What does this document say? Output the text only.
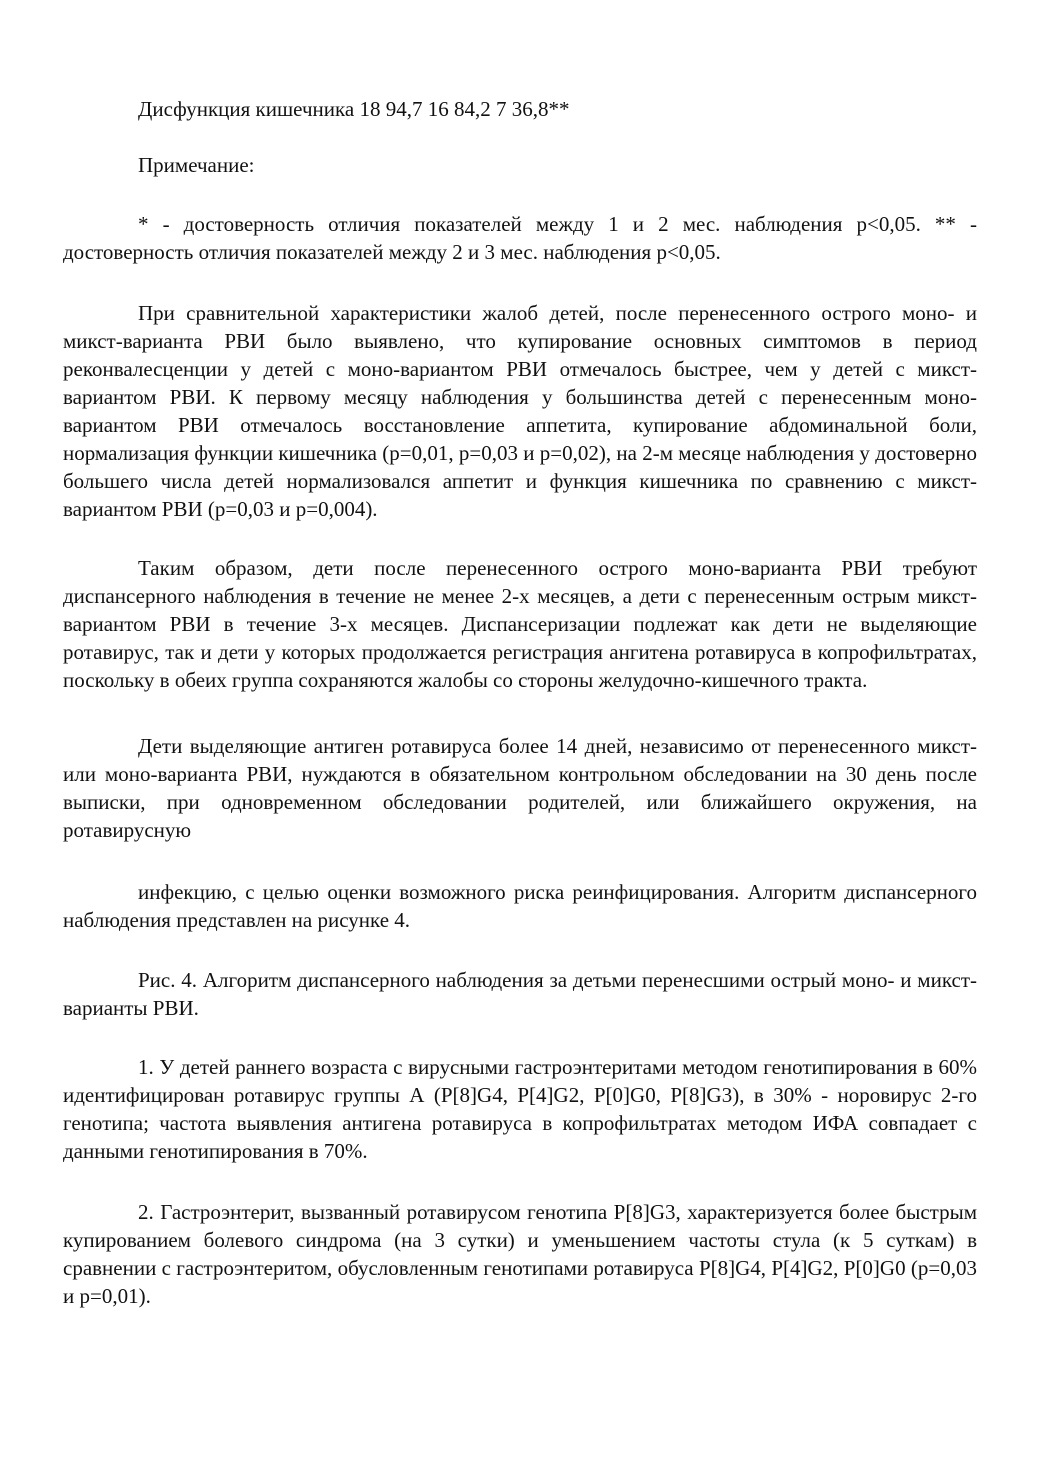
Дисфункция кишечника 18 94,7 16 84,2 7 36,8**

Примечание:

* - достоверность отличия показателей между 1 и 2 мес. наблюдения p<0,05. ** - достоверность отличия показателей между 2 и 3 мес. наблюдения p<0,05.

При сравнительной характеристики жалоб детей, после перенесенного острого моно- и микст-варианта РВИ было выявлено, что купирование основных симптомов в период реконвалесценции у детей с моно-вариантом РВИ отмечалось быстрее, чем у детей с микст-вариантом РВИ. К первому месяцу наблюдения у большинства детей с перенесенным моно-вариантом РВИ отмечалось восстановление аппетита, купирование абдоминальной боли, нормализация функции кишечника (p=0,01, p=0,03 и p=0,02), на 2-м месяце наблюдения у достоверно большего числа детей нормализовался аппетит и функция кишечника по сравнению с микст-вариантом РВИ (p=0,03 и p=0,004).

Таким образом, дети после перенесенного острого моно-варианта РВИ требуют диспансерного наблюдения в течение не менее 2-х месяцев, а дети с перенесенным острым микст-вариантом РВИ в течение 3-х месяцев. Диспансеризации подлежат как дети не выделяющие ротавирус, так и дети у которых продолжается регистрация ангитена ротавируса в копрофильтратах, поскольку в обеих группа сохраняются жалобы со стороны желудочно-кишечного тракта.

Дети выделяющие антиген ротавируса более 14 дней, независимо от перенесенного микст- или моно-варианта РВИ, нуждаются в обязательном контрольном обследовании на 30 день после выписки, при одновременном обследовании родителей, или ближайшего окружения, на ротавирусную

инфекцию, с целью оценки возможного риска реинфицирования. Алгоритм диспансерного наблюдения представлен на рисунке 4.

Рис. 4. Алгоритм диспансерного наблюдения за детьми перенесшими острый моно- и микст-варианты РВИ.

1. У детей раннего возраста с вирусными гастроэнтеритами методом генотипирования в 60% идентифицирован ротавирус группы А (P[8]G4, P[4]G2, P[0]G0, P[8]G3), в 30% - норовирус 2-го генотипа; частота выявления антигена ротавируса в копрофильтратах методом ИФА совпадает с данными генотипирования в 70%.

2. Гастроэнтерит, вызванный ротавирусом генотипа P[8]G3, характеризуется более быстрым купированием болевого синдрома (на 3 сутки) и уменьшением частоты стула (к 5 суткам) в сравнении с гастроэнтеритом, обусловленным генотипами ротавируса P[8]G4, P[4]G2, P[0]G0 (p=0,03 и p=0,01).
